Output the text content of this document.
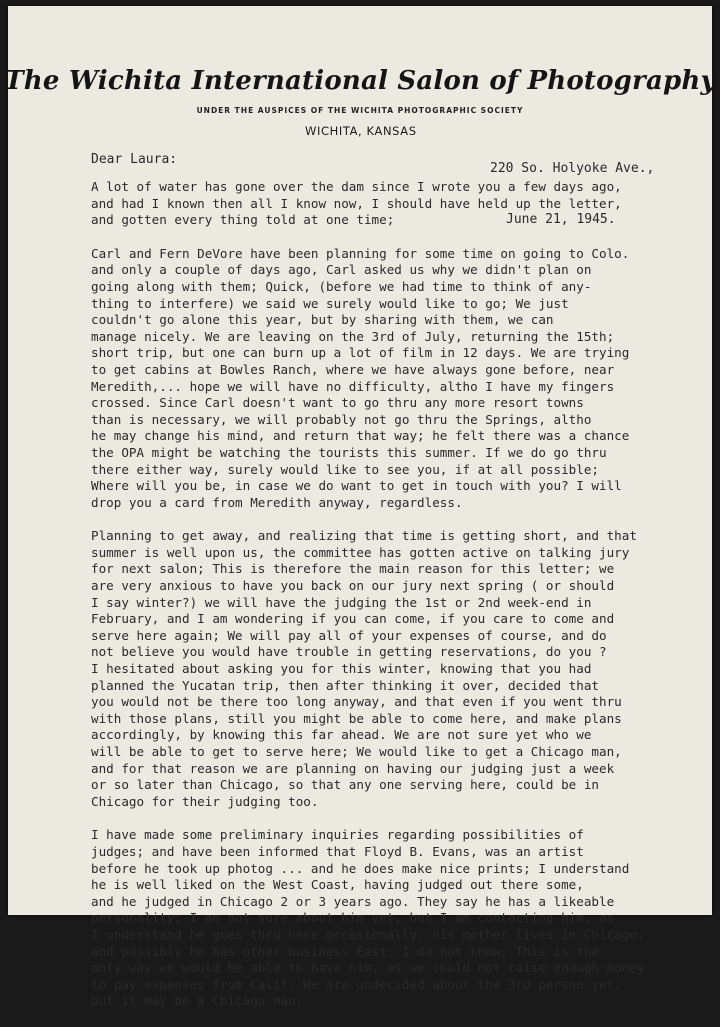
The Wichita International Salon of Photography
UNDER THE AUSPICES OF THE WICHITA PHOTOGRAPHIC SOCIETY
WICHITA, KANSAS

220 So. Holyoke Ave.,

June 21, 1945.

Dear Laura:
A lot of water has gone over the dam since I wrote you a few days ago,
and had I known then all I know now, I should have held up the letter,
and gotten every thing told at one time;
Carl and Fern DeVore have been planning for some time on going to Colo.
and only a couple of days ago, Carl asked us why we didn't plan on
going along with them; Quick, (before we had time to think of any-
thing to interfere) we said we surely would like to go; We just
couldn't go alone this year, but by sharing with them, we can
manage nicely. We are leaving on the 3rd of July, returning the 15th;
short trip, but one can burn up a lot of film in 12 days. We are trying
to get cabins at Bowles Ranch, where we have always gone before, near
Meredith,... hope we will have no difficulty, altho I have my fingers
crossed. Since Carl doesn't want to go thru any more resort towns
than is necessary, we will probably not go thru the Springs, altho
he may change his mind, and return that way; he felt there was a chance
the OPA might be watching the tourists this summer. If we do go thru
there either way, surely would like to see you, if at all possible;
Where will you be, in case we do want to get in touch with you? I will
drop you a card from Meredith anyway, regardless.
Planning to get away, and realizing that time is getting short, and that
summer is well upon us, the committee has gotten active on talking jury
for next salon; This is therefore the main reason for this letter; we
are very anxious to have you back on our jury next spring ( or should
I say winter?) we will have the judging the 1st or 2nd week-end in
February, and I am wondering if you can come, if you care to come and
serve here again; We will pay all of your expenses of course, and do
not believe you would have trouble in getting reservations, do you ?
I hesitated about asking you for this winter, knowing that you had
planned the Yucatan trip, then after thinking it over, decided that
you would not be there too long anyway, and that even if you went thru
with those plans, still you might be able to come here, and make plans
accordingly, by knowing this far ahead. We are not sure yet who we
will be able to get to serve here; We would like to get a Chicago man,
and for that reason we are planning on having our judging just a week
or so later than Chicago, so that any one serving here, could be in
Chicago for their judging too.
I have made some preliminary inquiries regarding possibilities of
judges; and have been informed that Floyd B. Evans, was an artist
before he took up photog ... and he does make nice prints; I understand
he is well liked on the West Coast, having judged out there some,
and he judged in Chicago 2 or 3 years ago. They say he has a likeable
personality; I am not sure about him yet, but I am contacting him, as
I understand he goes thru here occasionally; his mother lives in Chicago,
and possibly he has other business East; I do not know; This is the
only way we would be able to have him, as we could not raise enough money
to pay expenses from Calif. We are undecided about the 3rd person yet,
but it may be a Chicago man.
